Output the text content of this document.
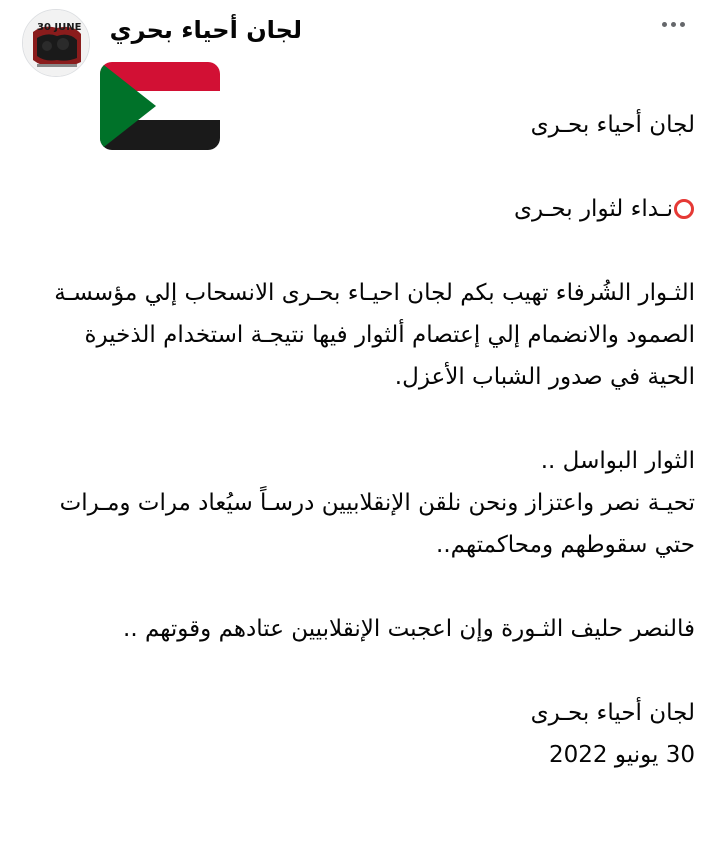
لجان أحياء بحري
30 JUNE

لجان أحياء بحـرى

نـداء لثوار بحـرى

الثـوار الشُرفاء تهيب بكم لجان احيـاء بحـرى الانسحاب إلي مؤسسـة الصمود والانضمام إلي إعتصام ألثوار فيها نتيجـة استخدام الذخيرة الحية في صدور الشباب الأعزل.

الثوار البواسل ..

تحيـة نصر واعتزاز ونحن نلقن الإنقلابيين درسـاً سيُعاد مرات ومـرات حتي سقوطهم ومحاكمتهم..

فالنصر حليف الثـورة وإن اعجبت الإنقلابيين عتادهم وقوتهم ..

لجان أحياء بحـرى

30 يونيو 2022
